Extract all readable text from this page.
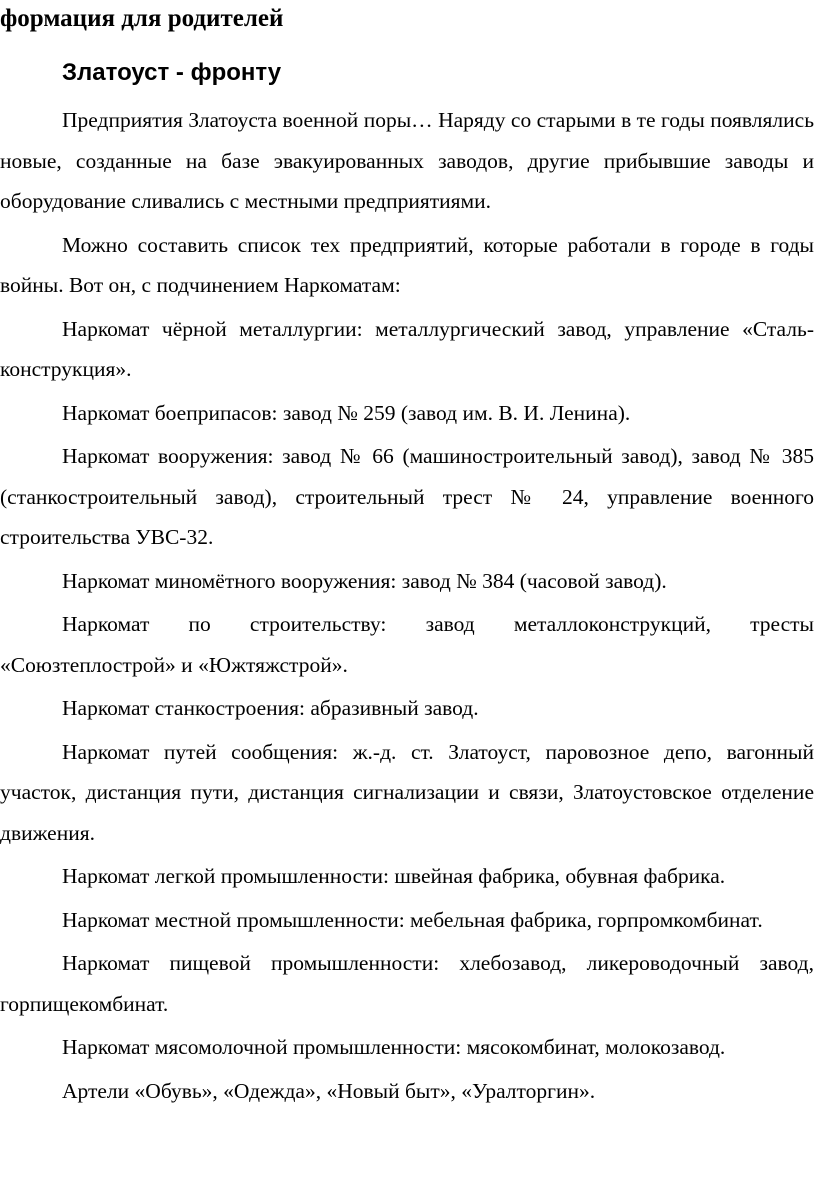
формация для родителей
Златоуст - фронту

Предприятия Златоуста военной поры… Наряду со старыми в те годы появлялись новые, созданные на базе эвакуированных заводов, другие прибывшие заводы и оборудование сливались с местными предприятиями.

Можно составить список тех предприятий, которые работали в городе в годы войны. Вот он, с подчинением Наркоматам:

Наркомат чёрной металлургии: металлургический завод, управление «Стальконструкция».

Наркомат боеприпасов: завод № 259 (завод им. В. И. Ленина).

Наркомат вооружения: завод № 66 (машиностроительный завод), завод № 385 (станкостроительный завод), строительный трест № 24, управление военного строительства УВС-32.

Наркомат миномётного вооружения: завод № 384 (часовой завод).

Наркомат по строительству: завод металлоконструкций, тресты «Союзтеплострой» и «Южтяжстрой».

Наркомат станкостроения: абразивный завод.

Наркомат путей сообщения: ж.-д. ст. Златоуст, паровозное депо, вагонный участок, дистанция пути, дистанция сигнализации и связи, Златоустовское отделение движения.

Наркомат легкой промышленности: швейная фабрика, обувная фабрика.

Наркомат местной промышленности: мебельная фабрика, горпромкомбинат.

Наркомат пищевой промышленности: хлебозавод, ликероводочный завод, горпищекомбинат.

Наркомат мясомолочной промышленности: мясокомбинат, молокозавод.

Артели «Обувь», «Одежда», «Новый быт», «Уралторгин».
